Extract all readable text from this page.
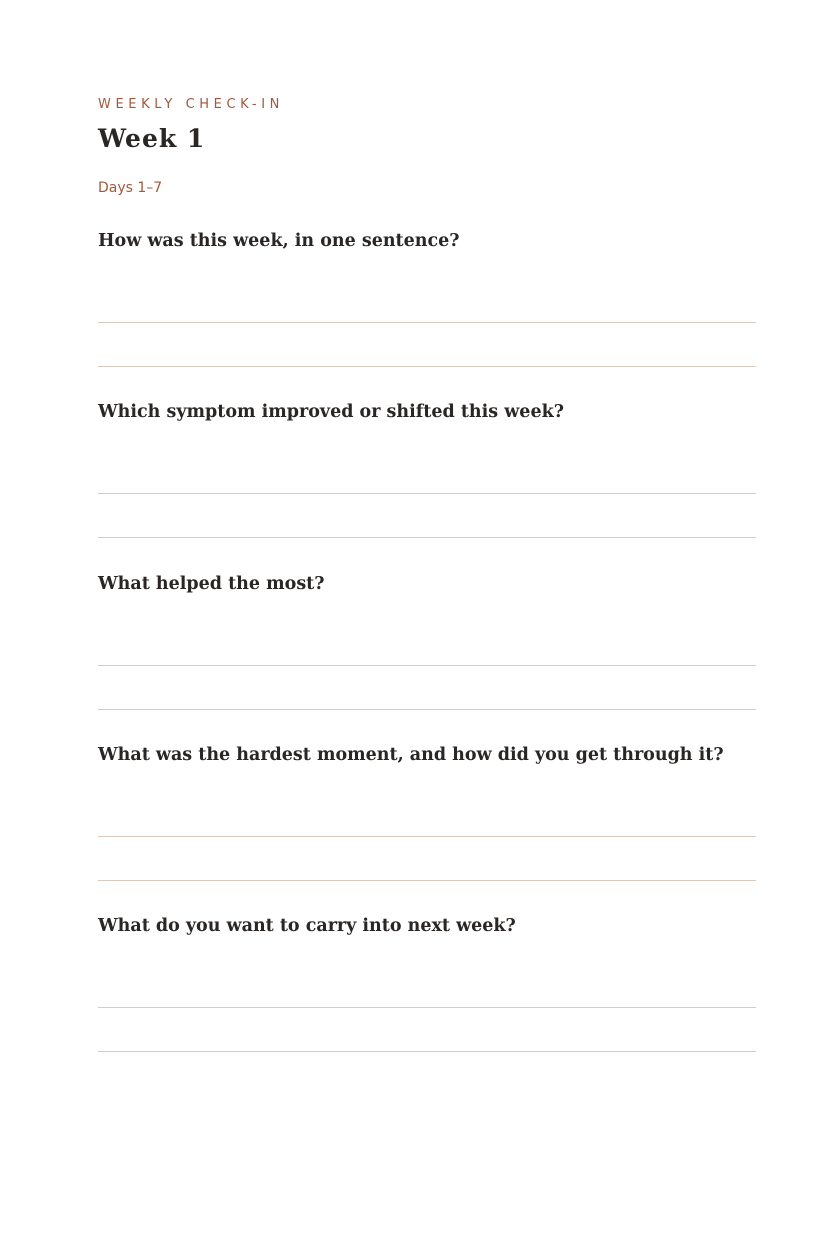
WEEKLY CHECK-IN
Week 1
Days 1–7
How was this week, in one sentence?
Which symptom improved or shifted this week?
What helped the most?
What was the hardest moment, and how did you get through it?
What do you want to carry into next week?
